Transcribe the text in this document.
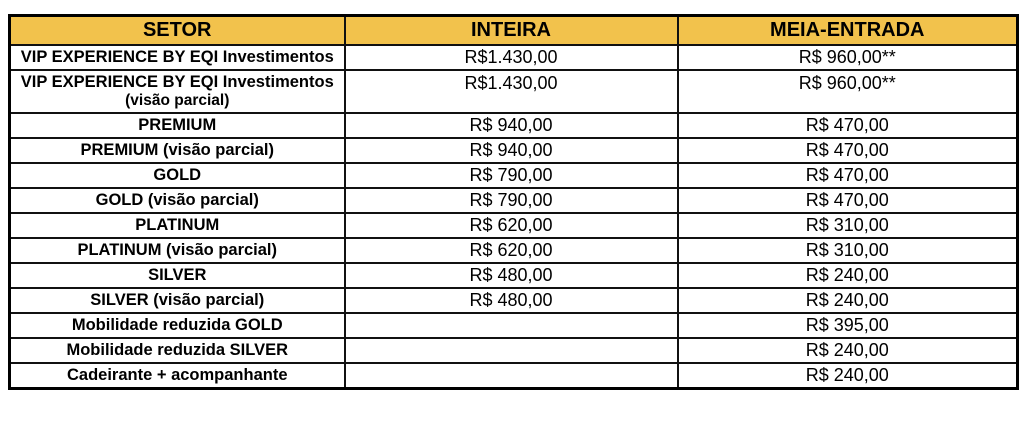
SETOR	INTEIRA	MEIA-ENTRADA
VIP EXPERIENCE BY EQI Investimentos	R$1.430,00	R$ 960,00**
VIP EXPERIENCE BY EQI Investimentos
(visão parcial)	R$1.430,00	R$ 960,00**
PREMIUM	R$ 940,00	R$ 470,00
PREMIUM (visão parcial)	R$ 940,00	R$ 470,00
GOLD	R$ 790,00	R$ 470,00
GOLD (visão parcial)	R$ 790,00	R$ 470,00
PLATINUM	R$ 620,00	R$ 310,00
PLATINUM (visão parcial)	R$ 620,00	R$ 310,00
SILVER	R$ 480,00	R$ 240,00
SILVER (visão parcial)	R$ 480,00	R$ 240,00
Mobilidade reduzida GOLD		R$ 395,00
Mobilidade reduzida SILVER		R$ 240,00
Cadeirante + acompanhante		R$ 240,00
